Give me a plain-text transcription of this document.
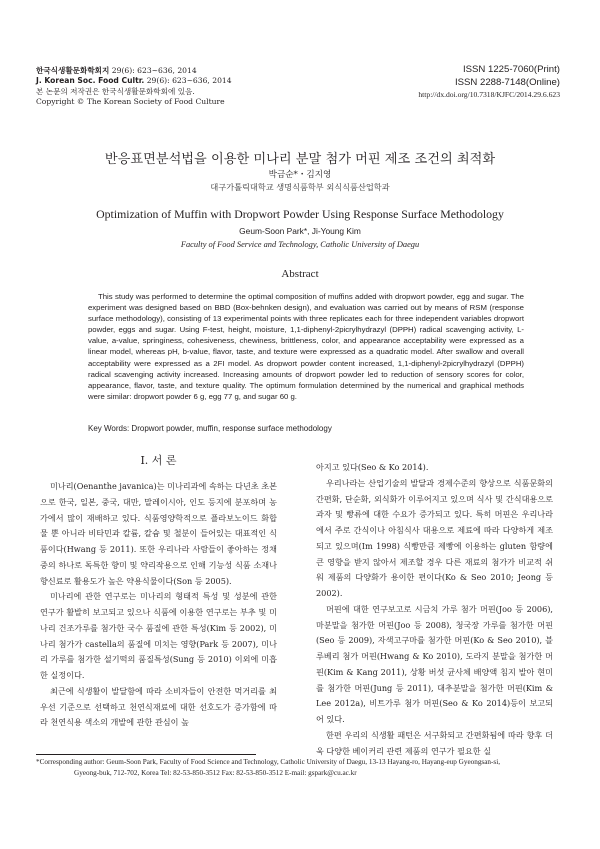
한국식생활문화학회지 29(6): 623~636, 2014
J. Korean Soc. Food Cultr. 29(6): 623~636, 2014
본 논문의 저작권은 한국식생활문화학회에 있음.
Copyright © The Korean Society of Food Culture
ISSN 1225-7060(Print)
ISSN 2288-7148(Online)
http://dx.doi.org/10.7318/KJFC/2014.29.6.623
반응표면분석법을 이용한 미나리 분말 첨가 머핀 제조 조건의 최적화
박금순*・김지영
대구가톨릭대학교 생명식품학부 외식식품산업학과
Optimization of Muffin with Dropwort Powder Using Response Surface Methodology
Geum-Soon Park*, Ji-Young Kim
Faculty of Food Service and Technology, Catholic University of Daegu
Abstract
This study was performed to determine the optimal composition of muffins added with dropwort powder, egg and sugar. The experiment was designed based on BBD (Box-behnken design), and evaluation was carried out by means of RSM (response surface methodology), consisting of 13 experimental points with three replicates each for three independent variables dropwort powder, eggs and sugar. Using F-test, height, moisture, 1,1-diphenyl-2picrylhydrazyl (DPPH) radical scavenging activity, L-value, a-value, springiness, cohesiveness, chewiness, brittleness, color, and appearance acceptability were expressed as a linear model, whereas pH, b-value, flavor, taste, and texture were expressed as a quadratic model. After swallow and overall acceptability were expressed as a 2FI model. As dropwort powder content increased, 1,1-diphenyl-2picrylhydrazyl (DPPH) radical scavenging activity increased. Increasing amounts of dropwort powder led to reduction of sensory scores for color, appearance, flavor, taste, and texture quality. The optimum formulation determined by the numerical and graphical methods were similar: dropwort powder 6 g, egg 77 g, and sugar 60 g.
Key Words: Dropwort powder, muffin, response surface methodology
I. 서 론

미나리(Oenanthe javanica)는 미나리과에 속하는 다년초 초본으로 한국, 일본, 중국, 대만, 말레이시아, 인도 등지에 분포하며 농가에서 많이 재배하고 있다. 식품영양학적으로 플라보노이드 화합물 뿐 아니라 비타민과 칼륨, 칼슘 및 철분이 들어있는 대표적인 식품이다(Hwang 등 2011). 또한 우리나라 사람들이 좋아하는 정채 중의 하나로 독특한 향미 및 약리작용으로 인해 기능성 식품 소재나 향신료로 활용도가 높은 약용식물이다(Son 등 2005).

미나리에 관한 연구로는 미나리의 형태적 특성 및 성분에 관한 연구가 활발히 보고되고 있으나 식품에 이용한 연구로는 부추 및 미나리 건조가루를 첨가한 국수 품질에 관한 특성(Kim 등 2002), 미나리 첨가가 castella의 품질에 미치는 영향(Park 등 2007), 미나리 가루를 첨가한 설기떡의 품질특성(Sung 등 2010) 이외에 미흡한 실정이다.

최근에 식생활이 발달함에 따라 소비자들이 안전한 먹거리를 최우선 기준으로 선택하고 천연식재료에 대한 선호도가 증가함에 따라 천연식용 색소의 개발에 관한 관심이 높

아지고 있다(Seo & Ko 2014).

우리나라는 산업기술의 발달과 경제수준의 향상으로 식품문화의 간편화, 단순화, 외식화가 이루어지고 있으며 식사 및 간식대용으로 과자 및 빵류에 대한 수요가 증가되고 있다. 특히 머핀은 우리나라에서 주로 간식이나 아침식사 대용으로 제료에 따라 다양하게 제조되고 있으며(Im 1998) 식빵만큼 제빵에 이용하는 gluten 함량에 큰 영향을 받지 않아서 제조할 경우 다른 재료의 첨가가 비교적 쉬워 제품의 다양화가 용이한 편이다(Ko & Seo 2010; Jeong 등 2002).

머핀에 대한 연구보고로 시금치 가루 첨가 머핀(Joo 등 2006), 마분말을 첨가한 머핀(Joo 등 2008), 청국장 가루를 첨가한 머핀(Seo 등 2009), 자색고구마를 첨가한 머핀(Ko & Seo 2010), 블루베리 첨가 머핀(Hwang & Ko 2010), 도라지 분말을 첨가한 머핀(Kim & Kang 2011), 상황 버섯 균사체 배양액 침지 발아 현미를 첨가한 머핀(Jung 등 2011), 대추분말을 첨가한 머핀(Kim & Lee 2012a), 비트가루 첨가 머핀(Seo & Ko 2014)등이 보고되어 있다.

한편 우리의 식생활 패턴은 서구화되고 간편화됨에 따라 향후 더욱 다양한 베이커리 관련 제품의 연구가 필요한 실

*Corresponding author: Geum-Soon Park, Faculty of Food Science and Technology, Catholic University of Daegu, 13-13 Hayang-ro, Hayang-eup Gyeongsan-si,
Gyeong-buk, 712-702, Korea Tel: 82-53-850-3512 Fax: 82-53-850-3512 E-mail: gspark@cu.ac.kr
